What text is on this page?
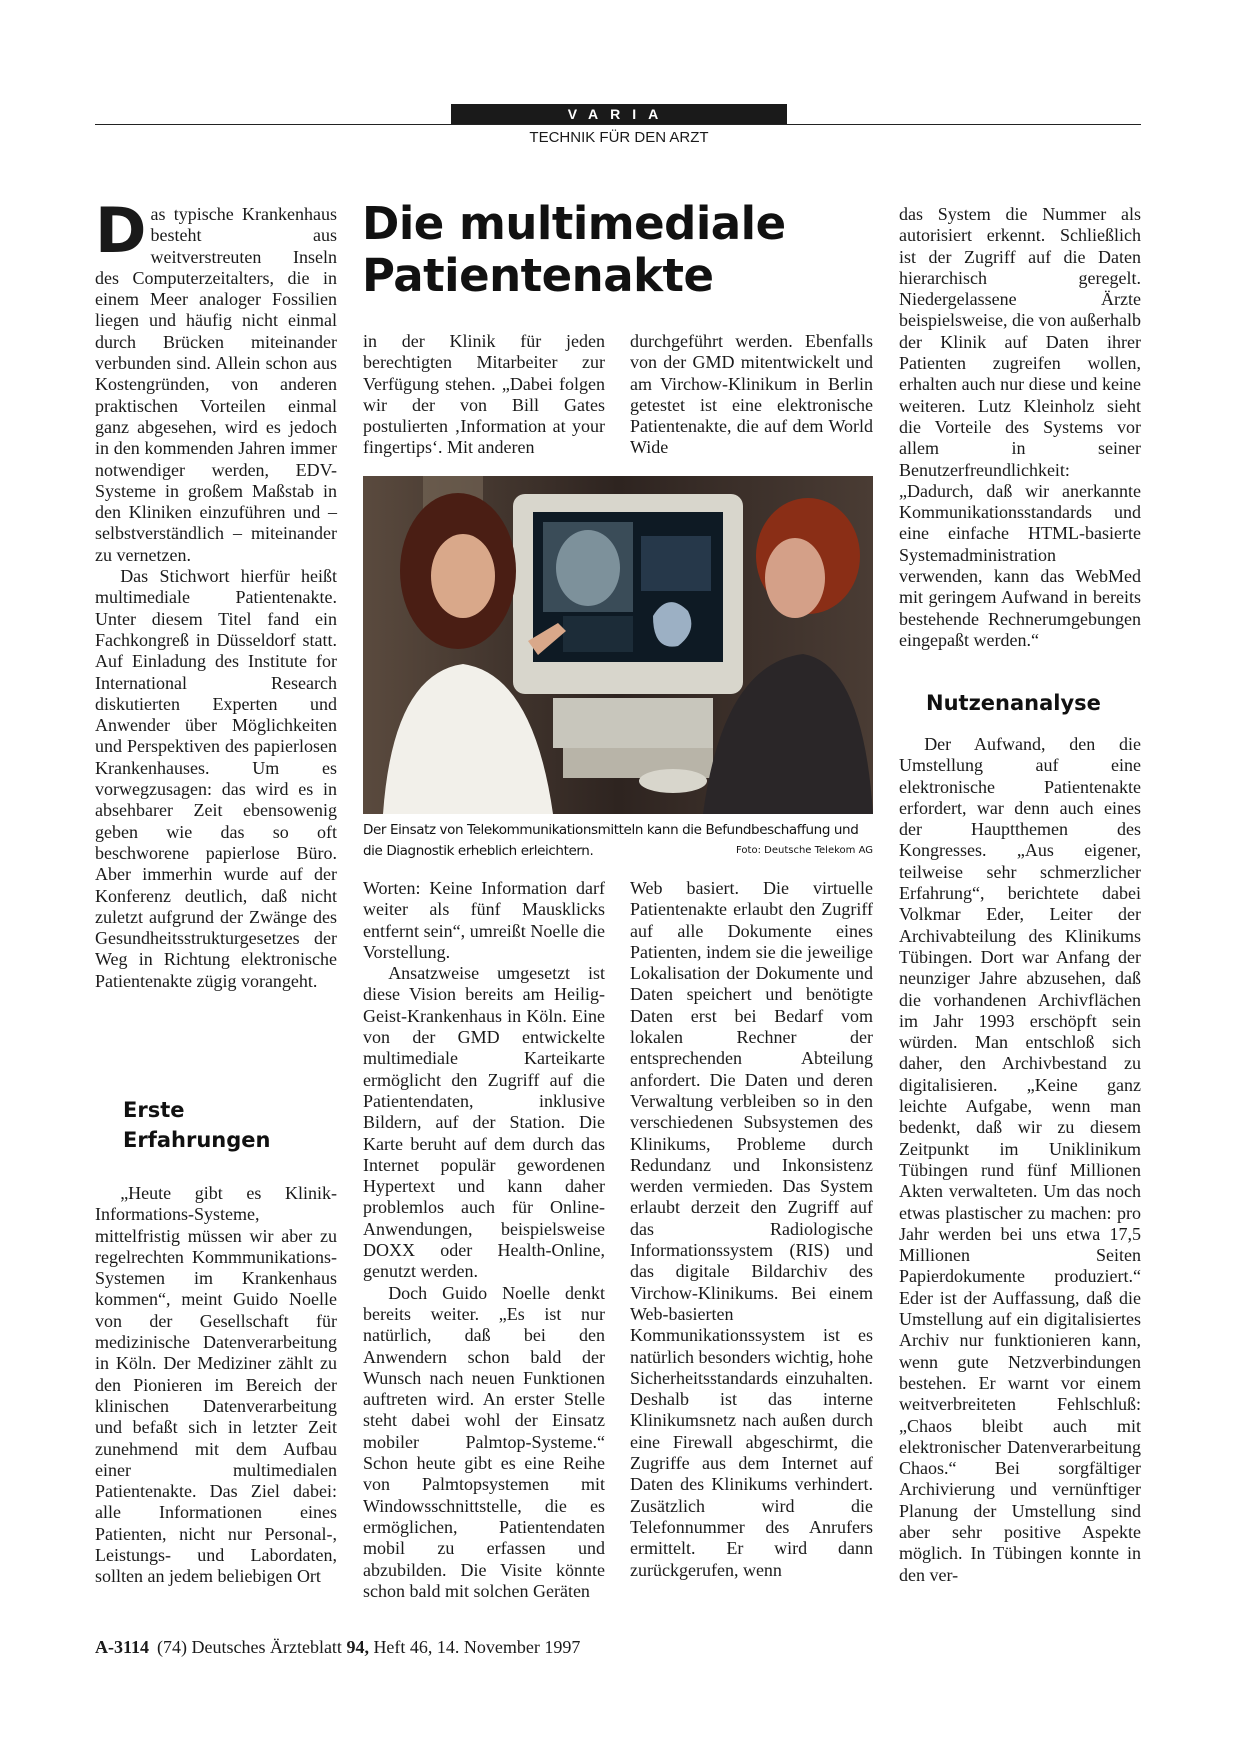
VARIA
TECHNIK FÜR DEN ARZT

Das typische Krankenhaus besteht aus weitverstreuten Inseln des Computerzeitalters, die in einem Meer analoger Fossilien liegen und häufig nicht einmal durch Brücken miteinander verbunden sind. Allein schon aus Kostengründen, von anderen praktischen Vorteilen einmal ganz abgesehen, wird es jedoch in den kommenden Jahren immer notwendiger werden, EDV-Systeme in großem Maßstab in den Kliniken einzuführen und – selbstverständlich – miteinander zu vernetzen.

Das Stichwort hierfür heißt multimediale Patientenakte. Unter diesem Titel fand ein Fachkongreß in Düsseldorf statt. Auf Einladung des Institute for International Research diskutierten Experten und Anwender über Möglichkeiten und Perspektiven des papierlosen Krankenhauses. Um es vorwegzusagen: das wird es in absehbarer Zeit ebensowenig geben wie das so oft beschworene papierlose Büro. Aber immerhin wurde auf der Konferenz deutlich, daß nicht zuletzt aufgrund der Zwänge des Gesundheitsstrukturgesetzes der Weg in Richtung elektronische Patientenakte zügig vorangeht.

Erste
Erfahrungen

„Heute gibt es Klinik-Informations-Systeme, mittelfristig müssen wir aber zu regelrechten Kommmunikations-Systemen im Krankenhaus kommen“, meint Guido Noelle von der Gesellschaft für medizinische Datenverarbeitung in Köln. Der Mediziner zählt zu den Pionieren im Bereich der klinischen Datenverarbeitung und befaßt sich in letzter Zeit zunehmend mit dem Aufbau einer multimedialen Patientenakte. Das Ziel dabei: alle Informationen eines Patienten, nicht nur Personal-, Leistungs- und Labordaten, sollten an jedem beliebigen Ort

Die multimediale
Patientenakte

in der Klinik für jeden berechtigten Mitarbeiter zur Verfügung stehen. „Dabei folgen wir der von Bill Gates postulierten ‚Information at your fingertips‘. Mit anderen

durchgeführt werden. Ebenfalls von der GMD mitentwickelt und am Virchow-Klinikum in Berlin getestet ist eine elektronische Patientenakte, die auf dem World Wide

Der Einsatz von Telekommunikationsmitteln kann die Befundbeschaffung und die Diagnostik erheblich erleichtern.	Foto: Deutsche Telekom AG

Worten: Keine Information darf weiter als fünf Mausklicks entfernt sein“, umreißt Noelle die Vorstellung.

Ansatzweise umgesetzt ist diese Vision bereits am Heilig-Geist-Krankenhaus in Köln. Eine von der GMD entwickelte multimediale Karteikarte ermöglicht den Zugriff auf die Patientendaten, inklusive Bildern, auf der Station. Die Karte beruht auf dem durch das Internet populär gewordenen Hypertext und kann daher problemlos auch für Online-Anwendungen, beispielsweise DOXX oder Health-Online, genutzt werden.

Doch Guido Noelle denkt bereits weiter. „Es ist nur natürlich, daß bei den Anwendern schon bald der Wunsch nach neuen Funktionen auftreten wird. An erster Stelle steht dabei wohl der Einsatz mobiler Palmtop-Systeme.“ Schon heute gibt es eine Reihe von Palmtopsystemen mit Windowsschnittstelle, die es ermöglichen, Patientendaten mobil zu erfassen und abzubilden. Die Visite könnte schon bald mit solchen Geräten

Web basiert. Die virtuelle Patientenakte erlaubt den Zugriff auf alle Dokumente eines Patienten, indem sie die jeweilige Lokalisation der Dokumente und Daten speichert und benötigte Daten erst bei Bedarf vom lokalen Rechner der entsprechenden Abteilung anfordert. Die Daten und deren Verwaltung verbleiben so in den verschiedenen Subsystemen des Klinikums, Probleme durch Redundanz und Inkonsistenz werden vermieden. Das System erlaubt derzeit den Zugriff auf das Radiologische Informationssystem (RIS) und das digitale Bildarchiv des Virchow-Klinikums. Bei einem Web-basierten Kommunikationssystem ist es natürlich besonders wichtig, hohe Sicherheitsstandards einzuhalten. Deshalb ist das interne Klinikumsnetz nach außen durch eine Firewall abgeschirmt, die Zugriffe aus dem Internet auf Daten des Klinikums verhindert. Zusätzlich wird die Telefonnummer des Anrufers ermittelt. Er wird dann zurückgerufen, wenn

das System die Nummer als autorisiert erkennt. Schließlich ist der Zugriff auf die Daten hierarchisch geregelt. Niedergelassene Ärzte beispielsweise, die von außerhalb der Klinik auf Daten ihrer Patienten zugreifen wollen, erhalten auch nur diese und keine weiteren. Lutz Kleinholz sieht die Vorteile des Systems vor allem in seiner Benutzerfreundlichkeit: „Dadurch, daß wir anerkannte Kommunikationsstandards und eine einfache HTML-basierte Systemadministration verwenden, kann das WebMed mit geringem Aufwand in bereits bestehende Rechnerumgebungen eingepaßt werden.“

Nutzenanalyse

Der Aufwand, den die Umstellung auf eine elektronische Patientenakte erfordert, war denn auch eines der Hauptthemen des Kongresses. „Aus eigener, teilweise sehr schmerzlicher Erfahrung“, berichtete dabei Volkmar Eder, Leiter der Archivabteilung des Klinikums Tübingen. Dort war Anfang der neunziger Jahre abzusehen, daß die vorhandenen Archivflächen im Jahr 1993 erschöpft sein würden. Man entschloß sich daher, den Archivbestand zu digitalisieren. „Keine ganz leichte Aufgabe, wenn man bedenkt, daß wir zu diesem Zeitpunkt im Uniklinikum Tübingen rund fünf Millionen Akten verwalteten. Um das noch etwas plastischer zu machen: pro Jahr werden bei uns etwa 17,5 Millionen Seiten Papierdokumente produziert.“ Eder ist der Auffassung, daß die Umstellung auf ein digitalisiertes Archiv nur funktionieren kann, wenn gute Netzverbindungen bestehen. Er warnt vor einem weitverbreiteten Fehlschluß: „Chaos bleibt auch mit elektronischer Datenverarbeitung Chaos.“ Bei sorgfältiger Archivierung und vernünftiger Planung der Umstellung sind aber sehr positive Aspekte möglich. In Tübingen konnte in den ver-

A-3114 (74) Deutsches Ärzteblatt 94, Heft 46, 14. November 1997
